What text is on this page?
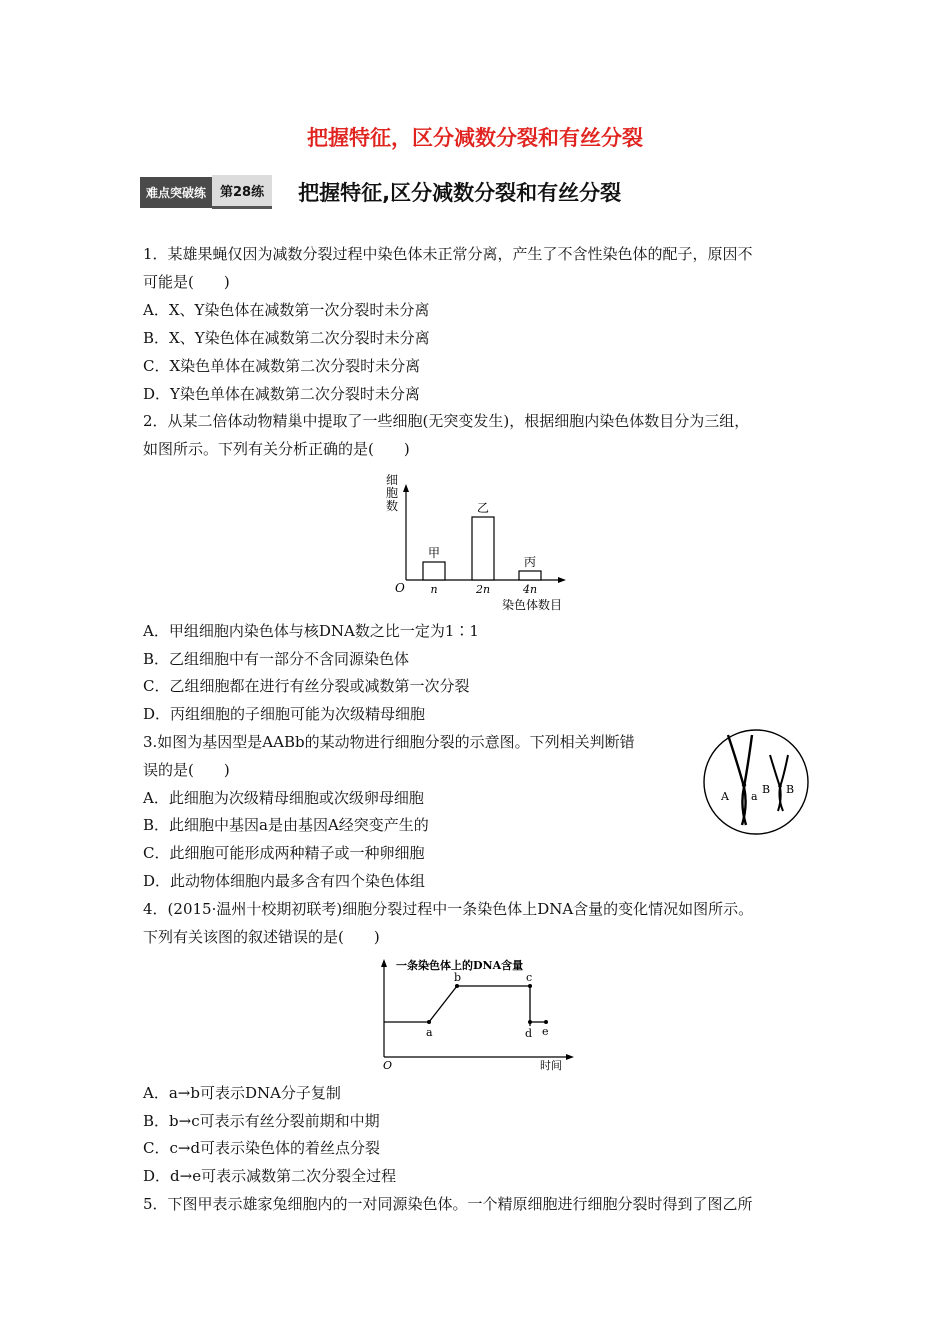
把握特征，区分减数分裂和有丝分裂
难点突破练	第28练	把握特征,区分减数分裂和有丝分裂
1．某雄果蝇仅因为减数分裂过程中染色体未正常分离，产生了不含性染色体的配子，原因不
可能是(　　)
A．X、Y染色体在减数第一次分裂时未分离
B．X、Y染色体在减数第二次分裂时未分离
C．X染色单体在减数第二次分裂时未分离
D．Y染色单体在减数第二次分裂时未分离
2．从某二倍体动物精巢中提取了一些细胞(无突变发生)，根据细胞内染色体数目分为三组，
如图所示。下列有关分析正确的是(　　)
细
胞
数
O
甲
n
乙
2n
丙
4n
染色体数目
A．甲组细胞内染色体与核DNA数之比一定为1∶1
B．乙组细胞中有一部分不含同源染色体
C．乙组细胞都在进行有丝分裂或减数第一次分裂
D．丙组细胞的子细胞可能为次级精母细胞
3.如图为基因型是AABb的某动物进行细胞分裂的示意图。下列相关判断错
误的是(　　)
A．此细胞为次级精母细胞或次级卵母细胞
B．此细胞中基因a是由基因A经突变产生的
C．此细胞可能形成两种精子或一种卵细胞
D．此动物体细胞内最多含有四个染色体组
A a
B B
4．(2015·温州十校期初联考)细胞分裂过程中一条染色体上DNA含量的变化情况如图所示。
下列有关该图的叙述错误的是(　　)
一条染色体上的DNA含量
O	时间
a
b	c
d e
A．a→b可表示DNA分子复制
B．b→c可表示有丝分裂前期和中期
C．c→d可表示染色体的着丝点分裂
D．d→e可表示减数第二次分裂全过程
5．下图甲表示雄家兔细胞内的一对同源染色体。一个精原细胞进行细胞分裂时得到了图乙所
